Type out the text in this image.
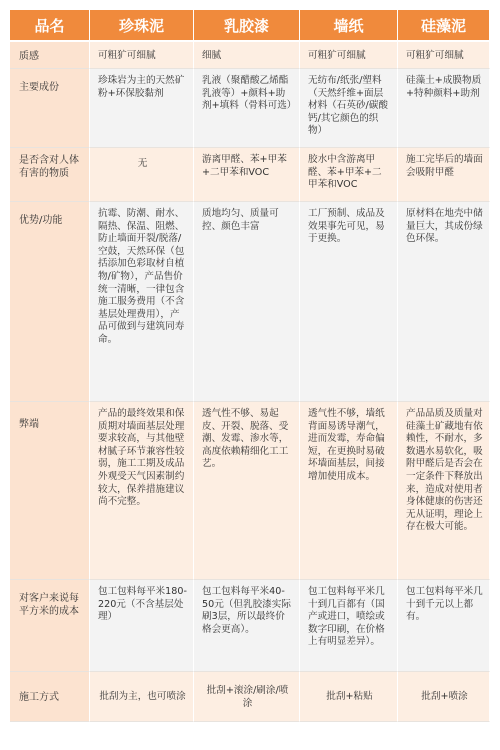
品名	珍珠泥	乳胶漆	墙纸	硅藻泥

质感	可粗犷可细腻	细腻	可粗犷可细腻	可粗犷可细腻

主要成份	珍珠岩为主的天然矿粉+环保胶黏剂	乳液（聚醋酸乙烯酯乳液等）+颜料+助剂+填料（骨料可选）	无纺布/纸张/塑料（天然纤维+面层材料（石英砂/碳酸钙/其它颜色的织物）	硅藻土+成膜物质+特种颜料+助剂

是否含对人体有害的物质	无	游离甲醛、苯+甲苯+二甲苯和VOC	胶水中含游离甲醛、苯+甲苯+二甲苯和VOC	施工完毕后的墙面会吸附甲醛

优势/功能	抗霉、防潮、耐水、隔热、保温、阻燃、防止墙面开裂/脱落/空鼓，天然环保（包括添加色彩取材自植物/矿物），产品售价统一清晰，一律包含施工服务费用（不含基层处理费用），产品可做到与建筑同寿命。	质地均匀、质量可控、颜色丰富	工厂预制、成品及效果事先可见，易于更换。	原材料在地壳中储量巨大，其成份绿色环保。

弊端	产品的最终效果和保质期对墙面基层处理要求较高，与其他壁材腻子环节兼容性较弱，施工工期及成品外观受天气因素制约较大，保养措施建议尚不完整。	透气性不够、易起皮、开裂、脱落、受潮、发霉、渗水等，高度依赖精细化工工艺。	透气性不够，墙纸背面易诱导潮气，进而发霉，寿命偏短，在更换时易破坏墙面基层，间接增加使用成本。	产品品质及质量对硅藻土矿藏地有依赖性，不耐水，多数遇水易软化，吸附甲醛后是否会在一定条件下释放出来，造成对使用者身体健康的伤害还无从证明，理论上存在极大可能。

对客户来说每平方米的成本	包工包料每平米180-220元（不含基层处理）	包工包料每平米40-50元（但乳胶漆实际刷3层，所以最终价格会更高）。	包工包料每平米几十到几百都有（国产或进口，喷绘或数字印刷，在价格上有明显差异）。	包工包料每平米几十到千元以上都有。

施工方式	批刮为主，也可喷涂	批刮+滚涂/刷涂/喷涂	批刮+粘贴	批刮+喷涂
